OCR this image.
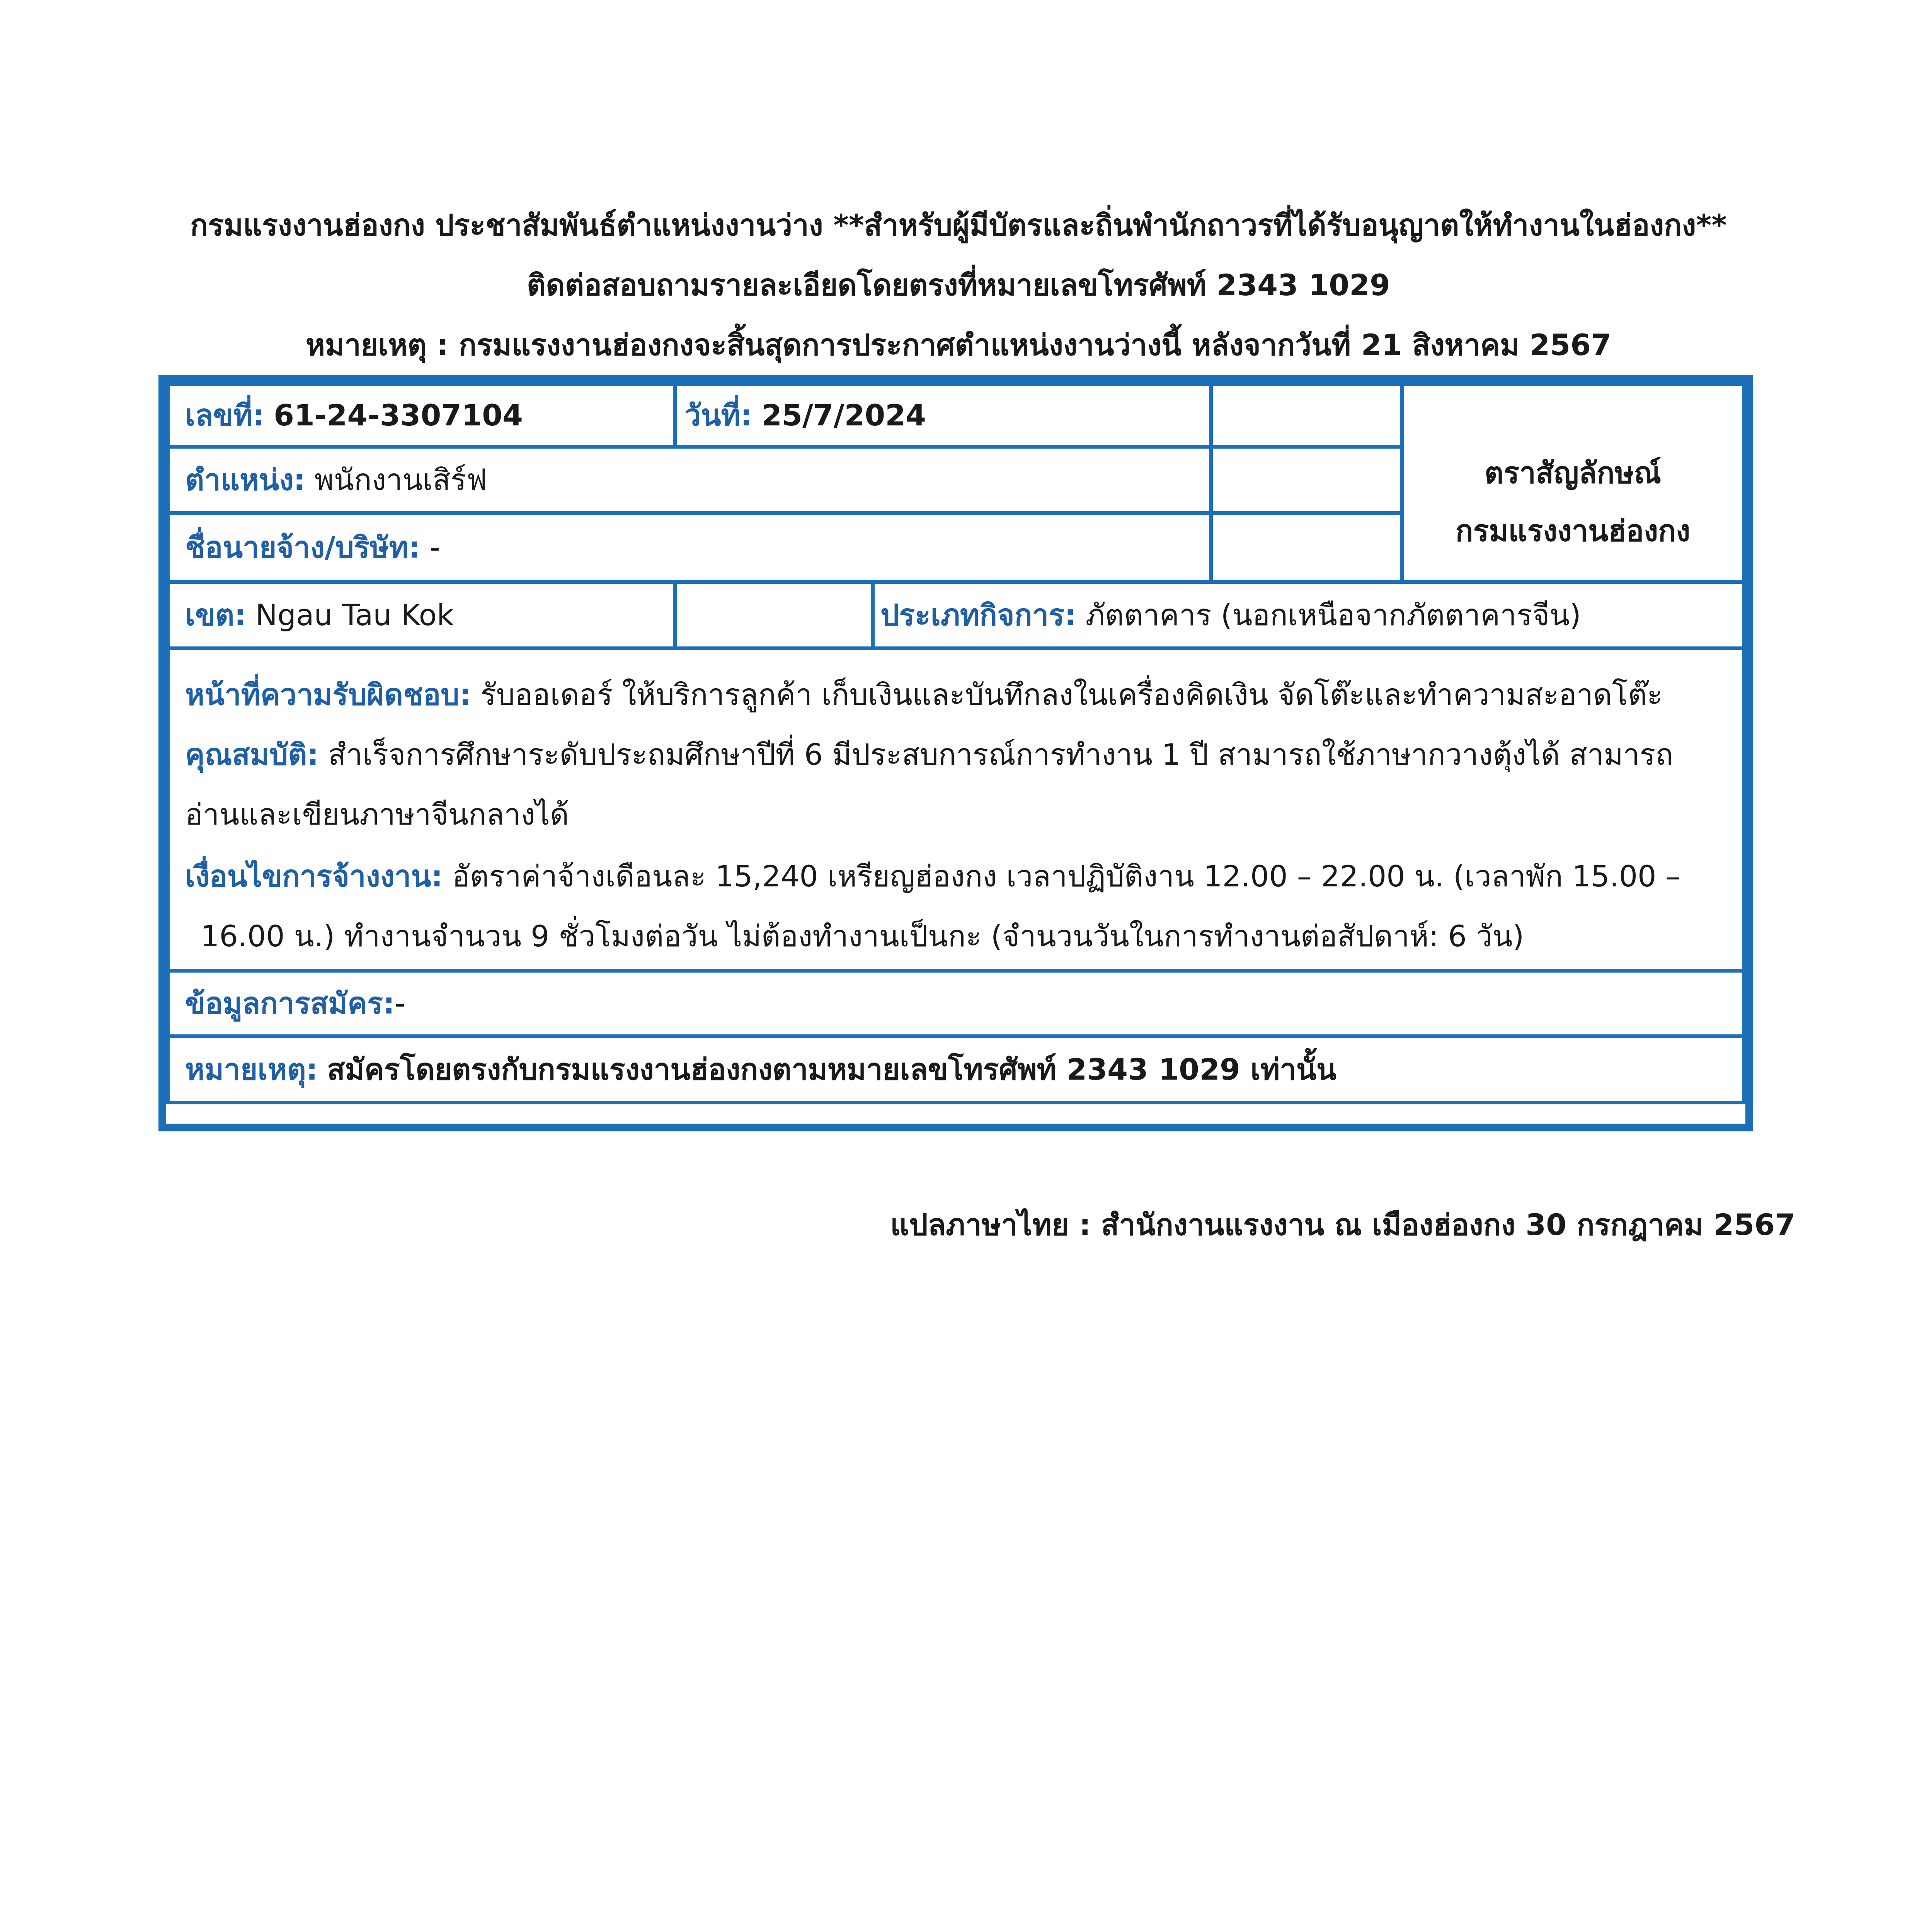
กรมแรงงานฮ่องกง ประชาสัมพันธ์ตำแหน่งงานว่าง **สำหรับผู้มีบัตรและถิ่นพำนักถาวรที่ได้รับอนุญาตให้ทำงานในฮ่องกง**
ติดต่อสอบถามรายละเอียดโดยตรงที่หมายเลขโทรศัพท์ 2343 1029
หมายเหตุ : กรมแรงงานฮ่องกงจะสิ้นสุดการประกาศตำแหน่งงานว่างนี้ หลังจากวันที่ 21 สิงหาคม 2567
เลขที่: 61-24-3307104	วันที่: 25/7/2024
ตราสัญลักษณ์
กรมแรงงานฮ่องกง
ตำแหน่ง: พนักงานเสิร์ฟ
ชื่อนายจ้าง/บริษัท: -
เขต: Ngau Tau Kok	ประเภทกิจการ: ภัตตาคาร (นอกเหนือจากภัตตาคารจีน)
หน้าที่ความรับผิดชอบ: รับออเดอร์ ให้บริการลูกค้า เก็บเงินและบันทึกลงในเครื่องคิดเงิน จัดโต๊ะและทำความสะอาดโต๊ะ
คุณสมบัติ: สำเร็จการศึกษาระดับประถมศึกษาปีที่ 6 มีประสบการณ์การทำงาน 1 ปี สามารถใช้ภาษากวางตุ้งได้ สามารถ
อ่านและเขียนภาษาจีนกลางได้
เงื่อนไขการจ้างงาน: อัตราค่าจ้างเดือนละ 15,240 เหรียญฮ่องกง เวลาปฏิบัติงาน 12.00 – 22.00 น. (เวลาพัก 15.00 –
16.00 น.) ทำงานจำนวน 9 ชั่วโมงต่อวัน ไม่ต้องทำงานเป็นกะ (จำนวนวันในการทำงานต่อสัปดาห์: 6 วัน)
ข้อมูลการสมัคร:-
หมายเหตุ: สมัครโดยตรงกับกรมแรงงานฮ่องกงตามหมายเลขโทรศัพท์ 2343 1029 เท่านั้น
แปลภาษาไทย : สำนักงานแรงงาน ณ เมืองฮ่องกง 30 กรกฎาคม 2567
